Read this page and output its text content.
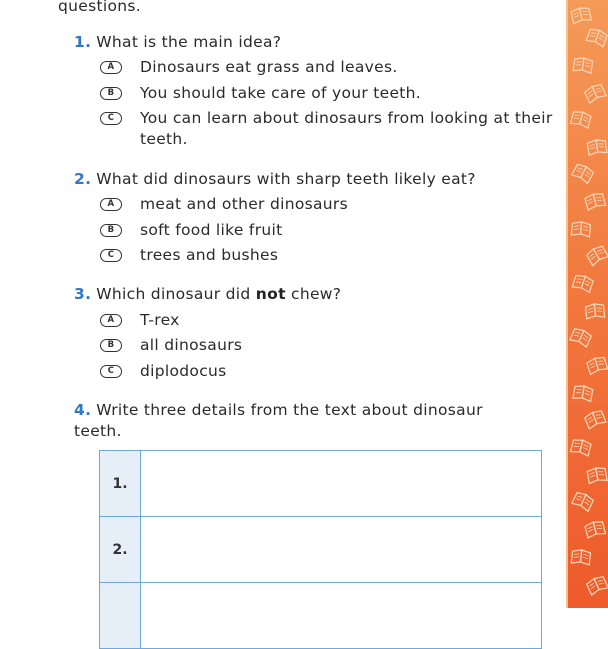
questions.
1. What is the main idea?
A	Dinosaurs eat grass and leaves.
B	You should take care of your teeth.
C	You can learn about dinosaurs from looking at their teeth.
2. What did dinosaurs with sharp teeth likely eat?
A	meat and other dinosaurs
B	soft food like fruit
C	trees and bushes
3. Which dinosaur did not chew?
A	T-rex
B	all dinosaurs
C	diplodocus
4. Write three details from the text about dinosaur teeth.
1.	
2.	
